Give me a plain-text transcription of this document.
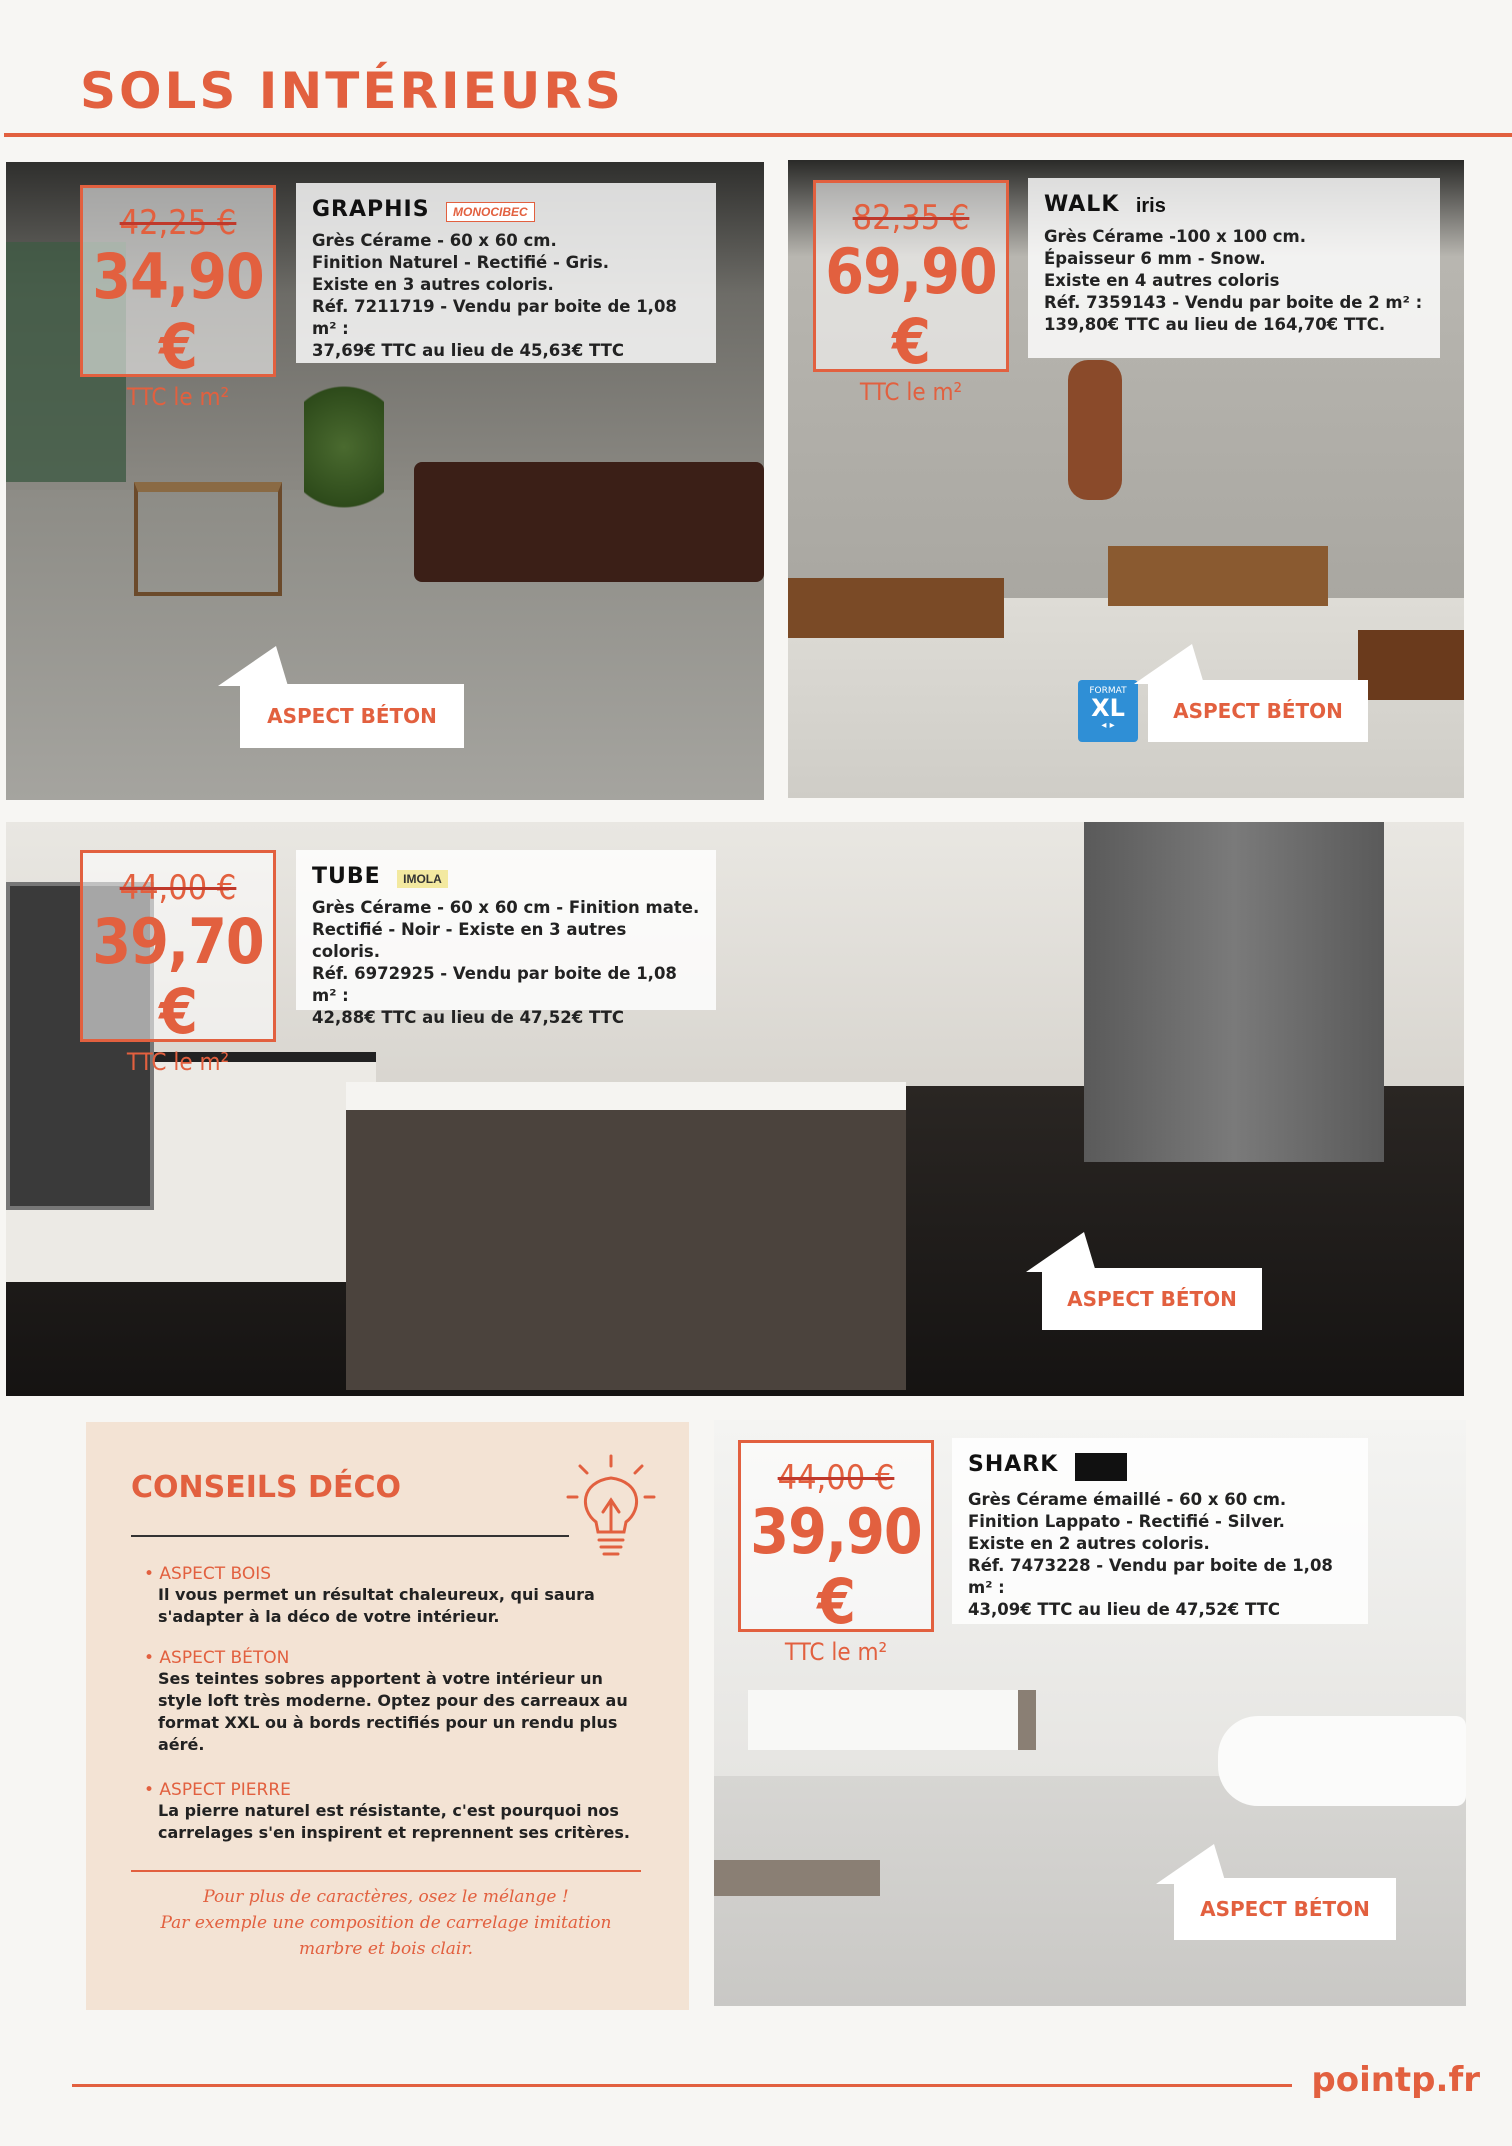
SOLS INTÉRIEURS
42,25 €
34,90 €
TTC le m²
GRAPHIS MONOCIBEC
Grès Cérame - 60 x 60 cm.
Finition Naturel - Rectifié - Gris.
Existe en 3 autres coloris.
Réf. 7211719 - Vendu par boite de 1,08 m² :
37,69€ TTC au lieu de 45,63€ TTC
ASPECT BÉTON
82,35 €
69,90 €
TTC le m²
WALK iris
Grès Cérame -100 x 100 cm.
Épaisseur 6 mm - Snow.
Existe en 4 autres coloris
Réf. 7359143 - Vendu par boite de 2 m² :
139,80€ TTC au lieu de 164,70€ TTC.
FORMAT
XL
◂ ▸
ASPECT BÉTON
44,00 €
39,70 €
TTC le m²
TUBE IMOLA
Grès Cérame - 60 x 60 cm - Finition mate.
Rectifié - Noir - Existe en 3 autres coloris.
Réf. 6972925 - Vendu par boite de 1,08 m² :
42,88€ TTC au lieu de 47,52€ TTC
ASPECT BÉTON
CONSEILS DÉCO
• ASPECT BOIS
Il vous permet un résultat chaleureux, qui saura s'adapter à la déco de votre intérieur.
• ASPECT BÉTON
Ses teintes sobres apportent à votre intérieur un style loft très moderne. Optez pour des carreaux au format XXL ou à bords rectifiés pour un rendu plus aéré.
• ASPECT PIERRE
La pierre naturel est résistante, c'est pourquoi nos carrelages s'en inspirent et reprennent ses critères.
Pour plus de caractères, osez le mélange !
Par exemple une composition de carrelage imitation
marbre et bois clair.
44,00 €
39,90 €
TTC le m²
SHARK
Grès Cérame émaillé - 60 x 60 cm.
Finition Lappato - Rectifié - Silver.
Existe en 2 autres coloris.
Réf. 7473228 - Vendu par boite de 1,08 m² :
43,09€ TTC au lieu de 47,52€ TTC
ASPECT BÉTON
pointp.fr
